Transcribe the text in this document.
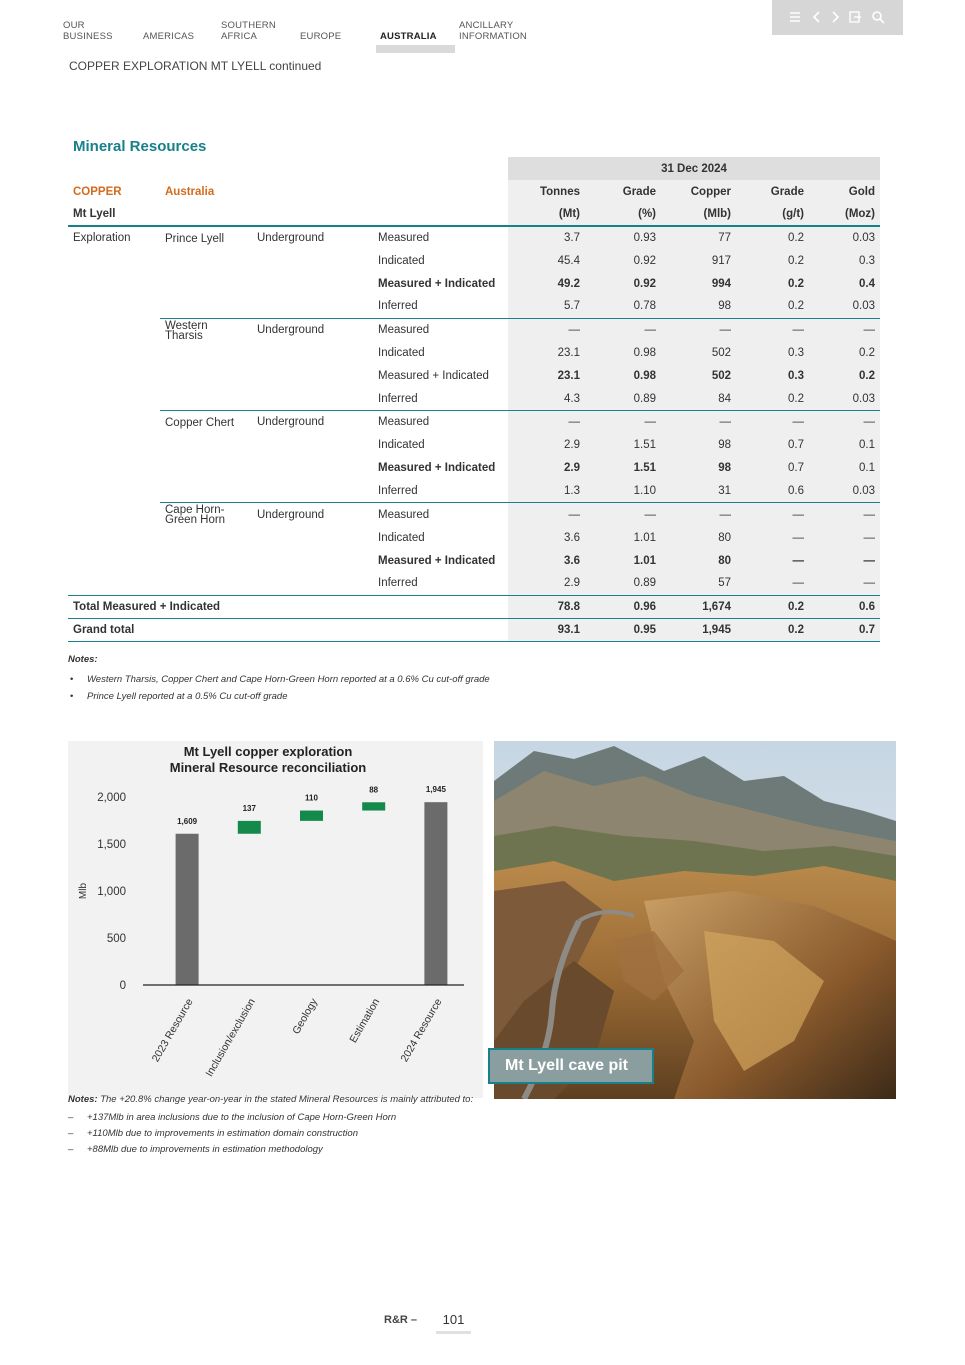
OUR
BUSINESS	AMERICAS
SOUTHERN
AFRICA	EUROPE	AUSTRALIA
ANCILLARY
INFORMATION
COPPER EXPLORATION MT LYELL continued
Mineral Resources
				31 Dec 2024				
COPPER	Australia			Tonnes	Grade	Copper	Grade	Gold
Mt Lyell				(Mt)	(%)	(Mlb)	(g/t)	(Moz)
Exploration	Prince Lyell	Underground	Measured	3.7	0.93	77	0.2	0.03
			Indicated	45.4	0.92	917	0.2	0.3
			Measured + Indicated	49.2	0.92	994	0.2	0.4
			Inferred	5.7	0.78	98	0.2	0.03
	Western Tharsis	Underground	Measured	—	—	—	—	—
			Indicated	23.1	0.98	502	0.3	0.2
			Measured + Indicated	23.1	0.98	502	0.3	0.2
			Inferred	4.3	0.89	84	0.2	0.03
	Copper Chert	Underground	Measured	—	—	—	—	—
			Indicated	2.9	1.51	98	0.7	0.1
			Measured + Indicated	2.9	1.51	98	0.7	0.1
			Inferred	1.3	1.10	31	0.6	0.03
	Cape Horn-
Green Horn	Underground	Measured	—	—	—	—	—
			Indicated	3.6	1.01	80	—	—
			Measured + Indicated	3.6	1.01	80	—	—
			Inferred	2.9	0.89	57	—	—
Total Measured + Indicated				78.8	0.96	1,674	0.2	0.6
Grand total				93.1	0.95	1,945	0.2	0.7
Notes:
• Western Tharsis, Copper Chert and Cape Horn-Green Horn reported at a 0.6% Cu cut-off grade
• Prince Lyell reported at a 0.5% Cu cut-off grade
Mt Lyell copper exploration
Mineral Resource reconciliation
0
500
1,000
1,500
2,000
Mlb
1,609
2023 Resource
137
Inclusion/exclusion
110
Geology
88
Estimation
1,945
2024 Resource
Mt Lyell cave pit
Notes: The +20.8% change year-on-year in the stated Mineral Resources is mainly attributed to:
– +137Mlb in area inclusions due to the inclusion of Cape Horn-Green Horn
– +110Mlb due to improvements in estimation domain construction
– +88Mlb due to improvements in estimation methodology
R&R –	101
